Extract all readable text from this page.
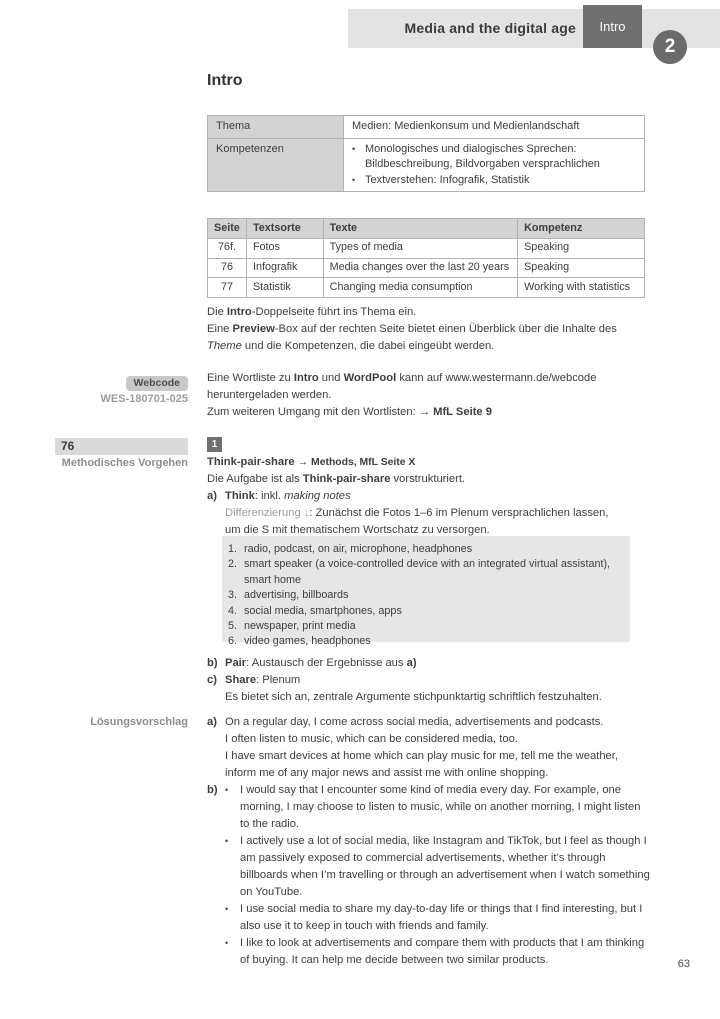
Media and the digital age	Intro
2
Intro
Thema	Medien: Medienkonsum und Medienlandschaft
Kompetenzen	• Monologisches und dialogisches Sprechen: Bildbeschreibung, Bildvorgaben versprachlichen
• Textverstehen: Infografik, Statistik
Seite	Textsorte	Texte	Kompetenz
76f.	Fotos	Types of media	Speaking
76	Infografik	Media changes over the last 20 years	Speaking
77	Statistik	Changing media consumption	Working with statistics
Die Intro-Doppelseite führt ins Thema ein.
Eine Preview-Box auf der rechten Seite bietet einen Überblick über die Inhalte des Theme und die Kompetenzen, die dabei eingeübt werden.
Eine Wortliste zu Intro und WordPool kann auf www.westermann.de/webcode heruntergeladen werden.
Zum weiteren Umgang mit den Wortlisten: → MfL Seite 9
Webcode
WES-180701-025
76
Methodisches Vorgehen
Lösungsvorschlag
1
Think-pair-share → Methods, MfL Seite X
Die Aufgabe ist als Think-pair-share vorstrukturiert.
a) Think: inkl. making notes
Differenzierung ↓: Zunächst die Fotos 1–6 im Plenum versprachlichen lassen, um die S mit thematischem Wortschatz zu versorgen.
1. radio, podcast, on air, microphone, headphones
2. smart speaker (a voice-controlled device with an integrated virtual assistant), smart home
3. advertising, billboards
4. social media, smartphones, apps
5. newspaper, print media
6. video games, headphones
b) Pair: Austausch der Ergebnisse aus a)
c) Share: Plenum
Es bietet sich an, zentrale Argumente stichpunktartig schriftlich festzuhalten.
a) On a regular day, I come across social media, advertisements and podcasts.
I often listen to music, which can be considered media, too.
I have smart devices at home which can play music for me, tell me the weather, inform me of any major news and assist me with online shopping.
b) •	I would say that I encounter some kind of media every day. For example, one morning, I may choose to listen to music, while on another morning, I might listen to the radio.
•	I actively use a lot of social media, like Instagram and TikTok, but I feel as though I am passively exposed to commercial advertisements, whether it’s through billboards when I’m travelling or through an advertisement when I watch something on YouTube.
•	I use social media to share my day-to-day life or things that I find interesting, but I also use it to keep in touch with friends and family.
•	I like to look at advertisements and compare them with products that I am thinking of buying. It can help me decide between two similar products.	63
